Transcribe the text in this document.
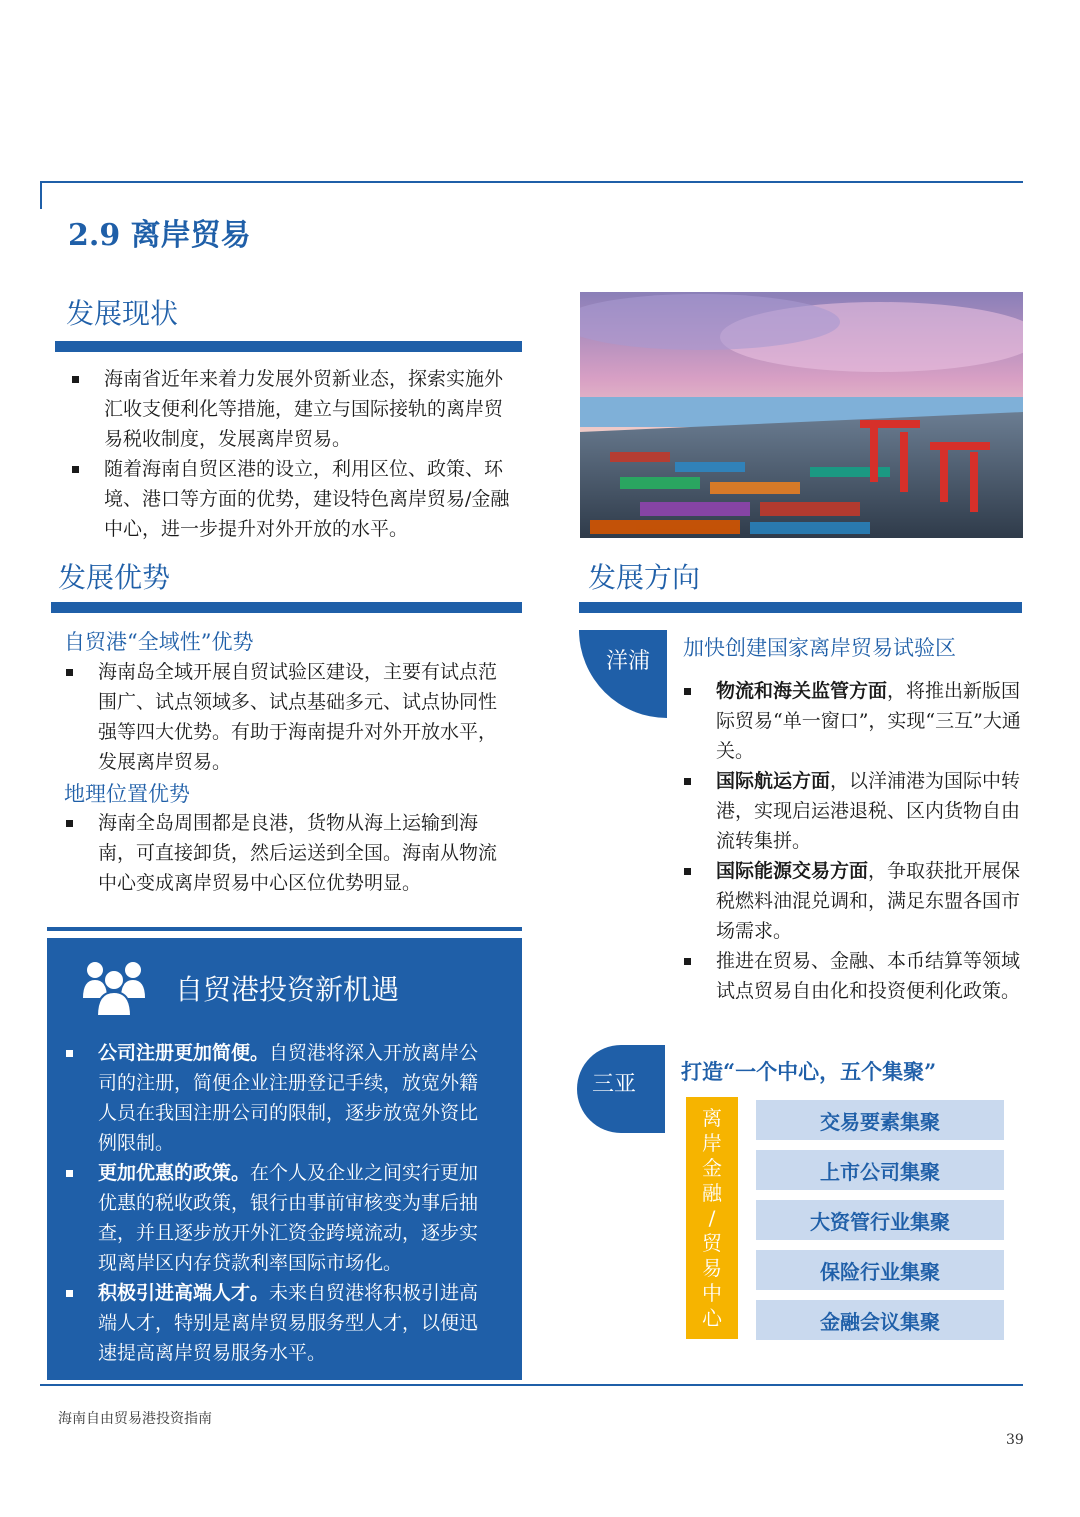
2.9 离岸贸易
发展现状
海南省近年来着力发展外贸新业态，探索实施外汇收支便利化等措施，建立与国际接轨的离岸贸易税收制度，发展离岸贸易。
随着海南自贸区港的设立，利用区位、政策、环境、港口等方面的优势，建设特色离岸贸易/金融中心，进一步提升对外开放的水平。
发展优势
自贸港“全域性”优势
海南岛全域开展自贸试验区建设，主要有试点范围广、试点领域多、试点基础多元、试点协同性强等四大优势。有助于海南提升对外开放水平，发展离岸贸易。
地理位置优势
海南全岛周围都是良港，货物从海上运输到海南，可直接卸货，然后运送到全国。海南从物流中心变成离岸贸易中心区位优势明显。
自贸港投资新机遇
公司注册更加简便。自贸港将深入开放离岸公司的注册，简便企业注册登记手续，放宽外籍人员在我国注册公司的限制，逐步放宽外资比例限制。
更加优惠的政策。在个人及企业之间实行更加优惠的税收政策，银行由事前审核变为事后抽查，并且逐步放开外汇资金跨境流动，逐步实现离岸区内存贷款利率国际市场化。
积极引进高端人才。未来自贸港将积极引进高端人才，特别是离岸贸易服务型人才，以便迅速提高离岸贸易服务水平。
发展方向
洋浦
加快创建国家离岸贸易试验区
物流和海关监管方面，将推出新版国际贸易“单一窗口”，实现“三互”大通关。
国际航运方面，以洋浦港为国际中转港，实现启运港退税、区内货物自由流转集拼。
国际能源交易方面，争取获批开展保税燃料油混兑调和，满足东盟各国市场需求。
推进在贸易、金融、本币结算等领域试点贸易自由化和投资便利化政策。
三亚 打造“一个中心，五个集聚”
离
岸
金
融
/
贸
易
中
心
交易要素集聚
上市公司集聚
大资管行业集聚
保险行业集聚
金融会议集聚
海南自由贸易港投资指南
39
